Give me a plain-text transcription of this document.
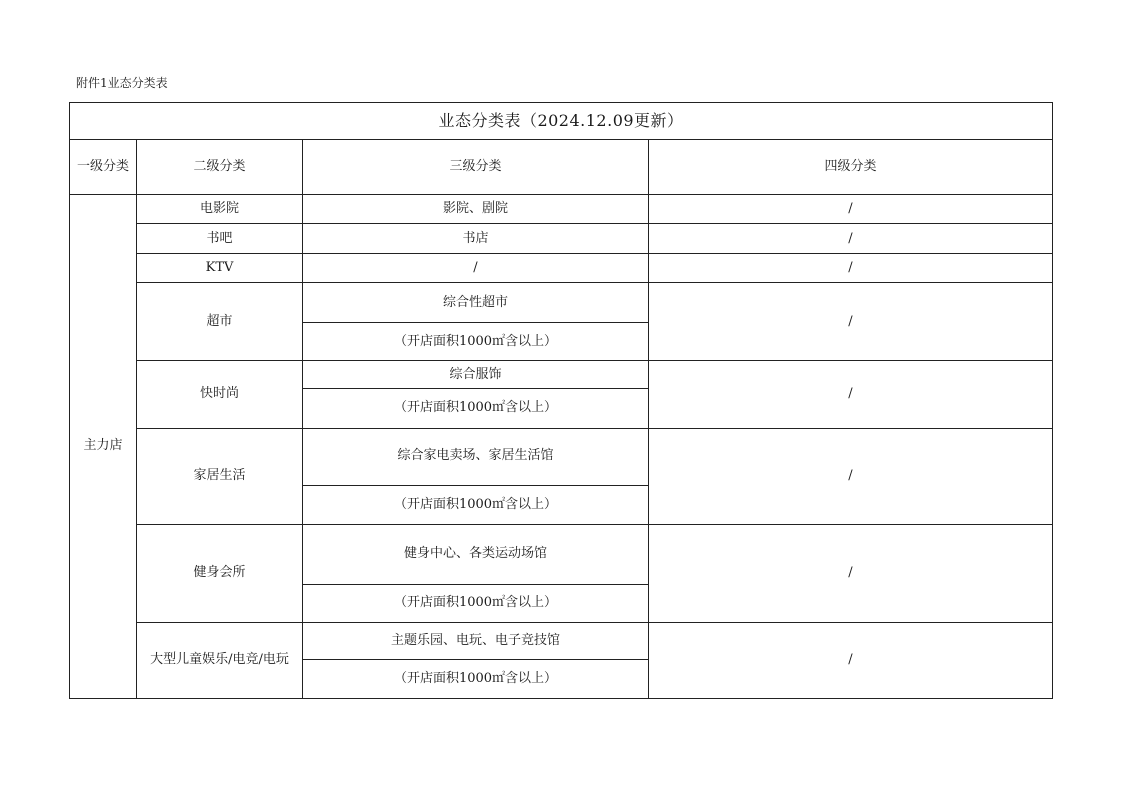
附件1业态分类表
业态分类表（2024.12.09更新）			
一级分类	二级分类	三级分类	四级分类
主力店	电影院	影院、剧院	/
	书吧	书店	/
	KTV	/	/
	超市	综合性超市	/
		（开店面积1000㎡含以上）	
	快时尚	综合服饰	/
		（开店面积1000㎡含以上）	
	家居生活	综合家电卖场、家居生活馆	/
		（开店面积1000㎡含以上）	
	健身会所	健身中心、各类运动场馆	/
		（开店面积1000㎡含以上）	
	大型儿童娱乐/电竞/电玩	主题乐园、电玩、电子竞技馆	/
		（开店面积1000㎡含以上）	
